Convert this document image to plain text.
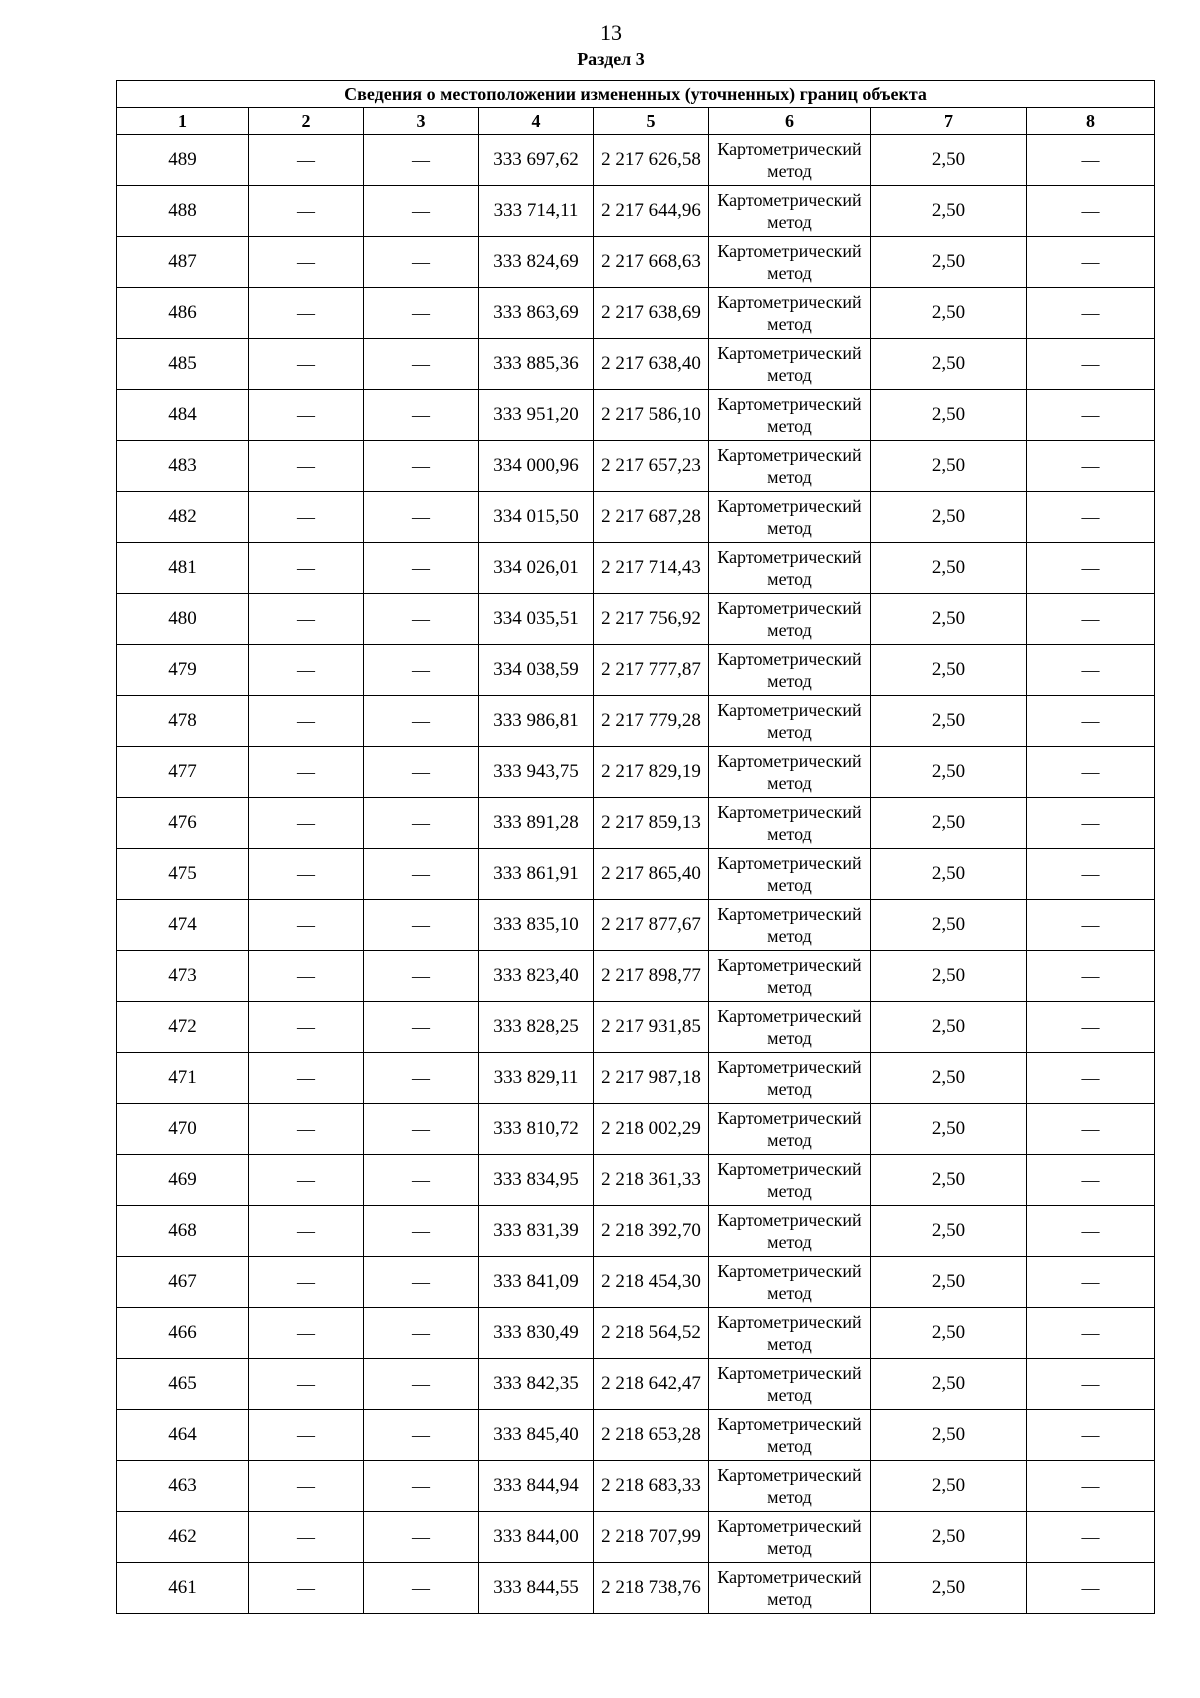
13
Раздел 3
Сведения о местоположении измененных (уточненных) границ объекта							
1	2	3	4	5	6	7	8
489	—	—	333 697,62	2 217 626,58	Картометрический метод	2,50	—
488	—	—	333 714,11	2 217 644,96	Картометрический метод	2,50	—
487	—	—	333 824,69	2 217 668,63	Картометрический метод	2,50	—
486	—	—	333 863,69	2 217 638,69	Картометрический метод	2,50	—
485	—	—	333 885,36	2 217 638,40	Картометрический метод	2,50	—
484	—	—	333 951,20	2 217 586,10	Картометрический метод	2,50	—
483	—	—	334 000,96	2 217 657,23	Картометрический метод	2,50	—
482	—	—	334 015,50	2 217 687,28	Картометрический метод	2,50	—
481	—	—	334 026,01	2 217 714,43	Картометрический метод	2,50	—
480	—	—	334 035,51	2 217 756,92	Картометрический метод	2,50	—
479	—	—	334 038,59	2 217 777,87	Картометрический метод	2,50	—
478	—	—	333 986,81	2 217 779,28	Картометрический метод	2,50	—
477	—	—	333 943,75	2 217 829,19	Картометрический метод	2,50	—
476	—	—	333 891,28	2 217 859,13	Картометрический метод	2,50	—
475	—	—	333 861,91	2 217 865,40	Картометрический метод	2,50	—
474	—	—	333 835,10	2 217 877,67	Картометрический метод	2,50	—
473	—	—	333 823,40	2 217 898,77	Картометрический метод	2,50	—
472	—	—	333 828,25	2 217 931,85	Картометрический метод	2,50	—
471	—	—	333 829,11	2 217 987,18	Картометрический метод	2,50	—
470	—	—	333 810,72	2 218 002,29	Картометрический метод	2,50	—
469	—	—	333 834,95	2 218 361,33	Картометрический метод	2,50	—
468	—	—	333 831,39	2 218 392,70	Картометрический метод	2,50	—
467	—	—	333 841,09	2 218 454,30	Картометрический метод	2,50	—
466	—	—	333 830,49	2 218 564,52	Картометрический метод	2,50	—
465	—	—	333 842,35	2 218 642,47	Картометрический метод	2,50	—
464	—	—	333 845,40	2 218 653,28	Картометрический метод	2,50	—
463	—	—	333 844,94	2 218 683,33	Картометрический метод	2,50	—
462	—	—	333 844,00	2 218 707,99	Картометрический метод	2,50	—
461	—	—	333 844,55	2 218 738,76	Картометрический метод	2,50	—
